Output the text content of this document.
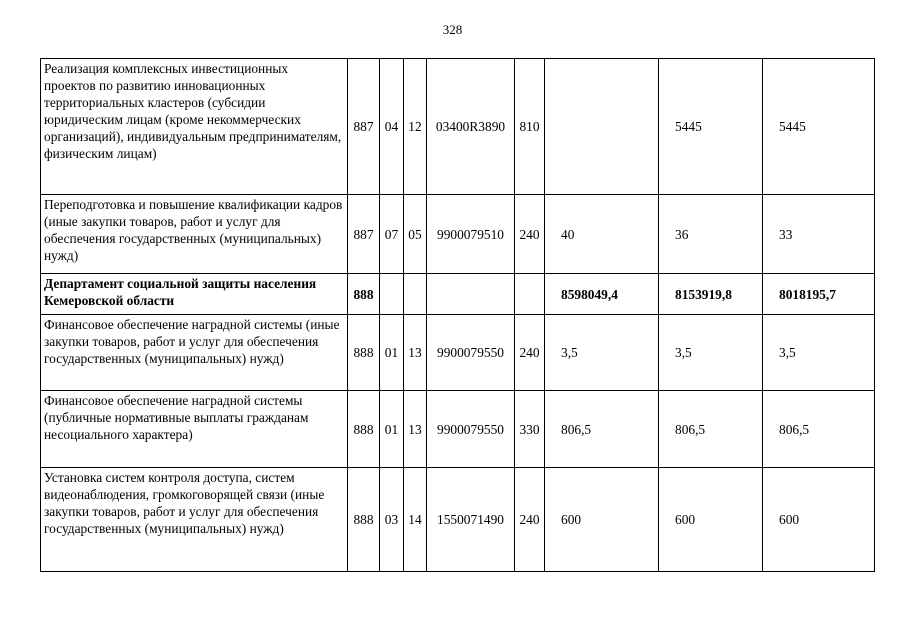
328
Реализация комплексных инвестиционных проектов по развитию инновационных территориальных кластеров (субсидии юридическим лицам (кроме некоммерческих организаций), индивидуальным предпринимателям, физическим лицам)	887	04	12	03400R3890	810		5445	5445
Переподготовка и повышение квалификации кадров (иные закупки товаров, работ и услуг для обеспечения государственных (муниципальных) нужд)	887	07	05	9900079510	240	40	36	33
Департамент социальной защиты населения Кемеровской области	888					8598049,4	8153919,8	8018195,7
Финансовое обеспечение наградной системы (иные закупки товаров, работ и услуг для обеспечения государственных (муниципальных) нужд)	888	01	13	9900079550	240	3,5	3,5	3,5
Финансовое обеспечение наградной системы (публичные нормативные выплаты гражданам несоциального характера)	888	01	13	9900079550	330	806,5	806,5	806,5
Установка систем контроля доступа, систем видеонаблюдения, громкоговорящей связи (иные закупки товаров, работ и услуг для обеспечения государственных (муниципальных) нужд)	888	03	14	1550071490	240	600	600	600
